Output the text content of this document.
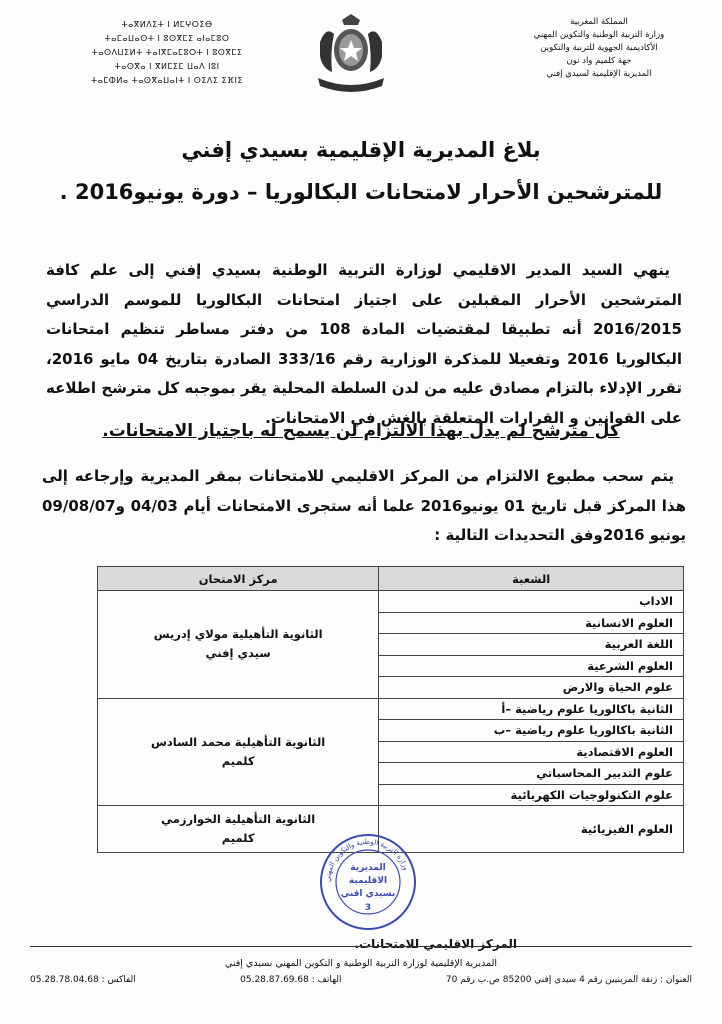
المملكة المغربية
وزارة التربية الوطنية والتكوين المهني
الأكاديمية الجهوية للتربية والتكوين
جهة كلميم واد نون
المديرية الإقليمية لسيدي إفني
ⵜⴰⴳⵍⴷⵉⵜ ⵏ ⵍⵎⵖⵔⵉⴱ
ⵜⴰⵎⴰⵡⴰⵙⵜ ⵏ ⵓⵙⴳⵎⵉ ⴰⵏⴰⵎⵓⵔ
ⵜⴰⵙⴷⵡⵉⵍⵜ ⵜⴰⵏⴳⵎⴰⵎⵓⵔⵜ ⵏ ⵓⵙⴳⵎⵉ
ⵜⴰⵙⴳⴰ ⵏ ⴳⵍⵎⵉⵎ ⵡⴰⴷ ⵏⵓⵏ
ⵜⴰⵎⵀⵍⴰ ⵜⴰⵙⴳⴰⵡⴰⵏⵜ ⵏ ⵙⵉⴷⵉ ⵉⴼⵏⵉ
بلاغ المديرية الإقليمية بسيدي إفني
للمترشحين الأحرار لامتحانات البكالوريا – دورة يونيو2016 .
ينهي السيد المدير الاقليمي لوزارة التربية الوطنية بسيدي إفني إلى علم كافة المترشحين الأحرار المقبلين على اجتياز امتحانات البكالوريا للموسم الدراسي 2016/2015 أنه تطبيقا لمقتضيات المادة 108 من دفتر مساطر تنظيم امتحانات البكالوريا 2016 وتفعيلا للمذكرة الوزارية رقم 333/16 الصادرة بتاريخ 04 مايو 2016، تقرر الإدلاء بالتزام مصادق عليه من لدن السلطة المحلية يقر بموجبه كل مترشح اطلاعه على القوانين و القرارات المتعلقة بالغش في الامتحانات.
كل مترشح لم يدل بهذا الالتزام لن يسمح له باجتياز الامتحانات.
يتم سحب مطبوع الالتزام من المركز الاقليمي للامتحانات بمقر المديرية وإرجاعه إلى هذا المركز قبل تاريخ 01 يونيو2016 علما أنه ستجرى الامتحانات أيام 04/03 و09/08/07 يونيو 2016وفق التحديدات التالية :
الشعبة	مركز الامتحان
الاداب	الثانوية التأهيلية مولاي إدريس
سيدي إفني

العلوم الانسانية	
اللغة العربية	
العلوم الشرعية	
علوم الحياة والارض	
الثانية باكالوريا علوم رياضية –أ	الثانوية التأهيلية محمد السادس
كلميم

الثانية باكالوريا علوم رياضية –ب	
العلوم الاقتصادية	
علوم التدبير المحاسباتي	
علوم التكنولوجيات الكهربائية	
العلوم الفيزيائية	الثانوية التأهيلية الخوارزمي
كلميم
وزارة التربية الوطنية والتكوين المهني
المديرية
الاقليمية
بسيدي افني
3
المركز الاقليمي للامتحانات.
المديرية الإقليمية لوزارة التربية الوطنية و التكوين المهني بسيدي إفني
العنوان : زنقة المرينيين رقم 4 سيدي إفني 85200 ص.ب رقم 70
الهاتف : 05.28.87.69.68
الفاكس : 05.28.78.04.68
